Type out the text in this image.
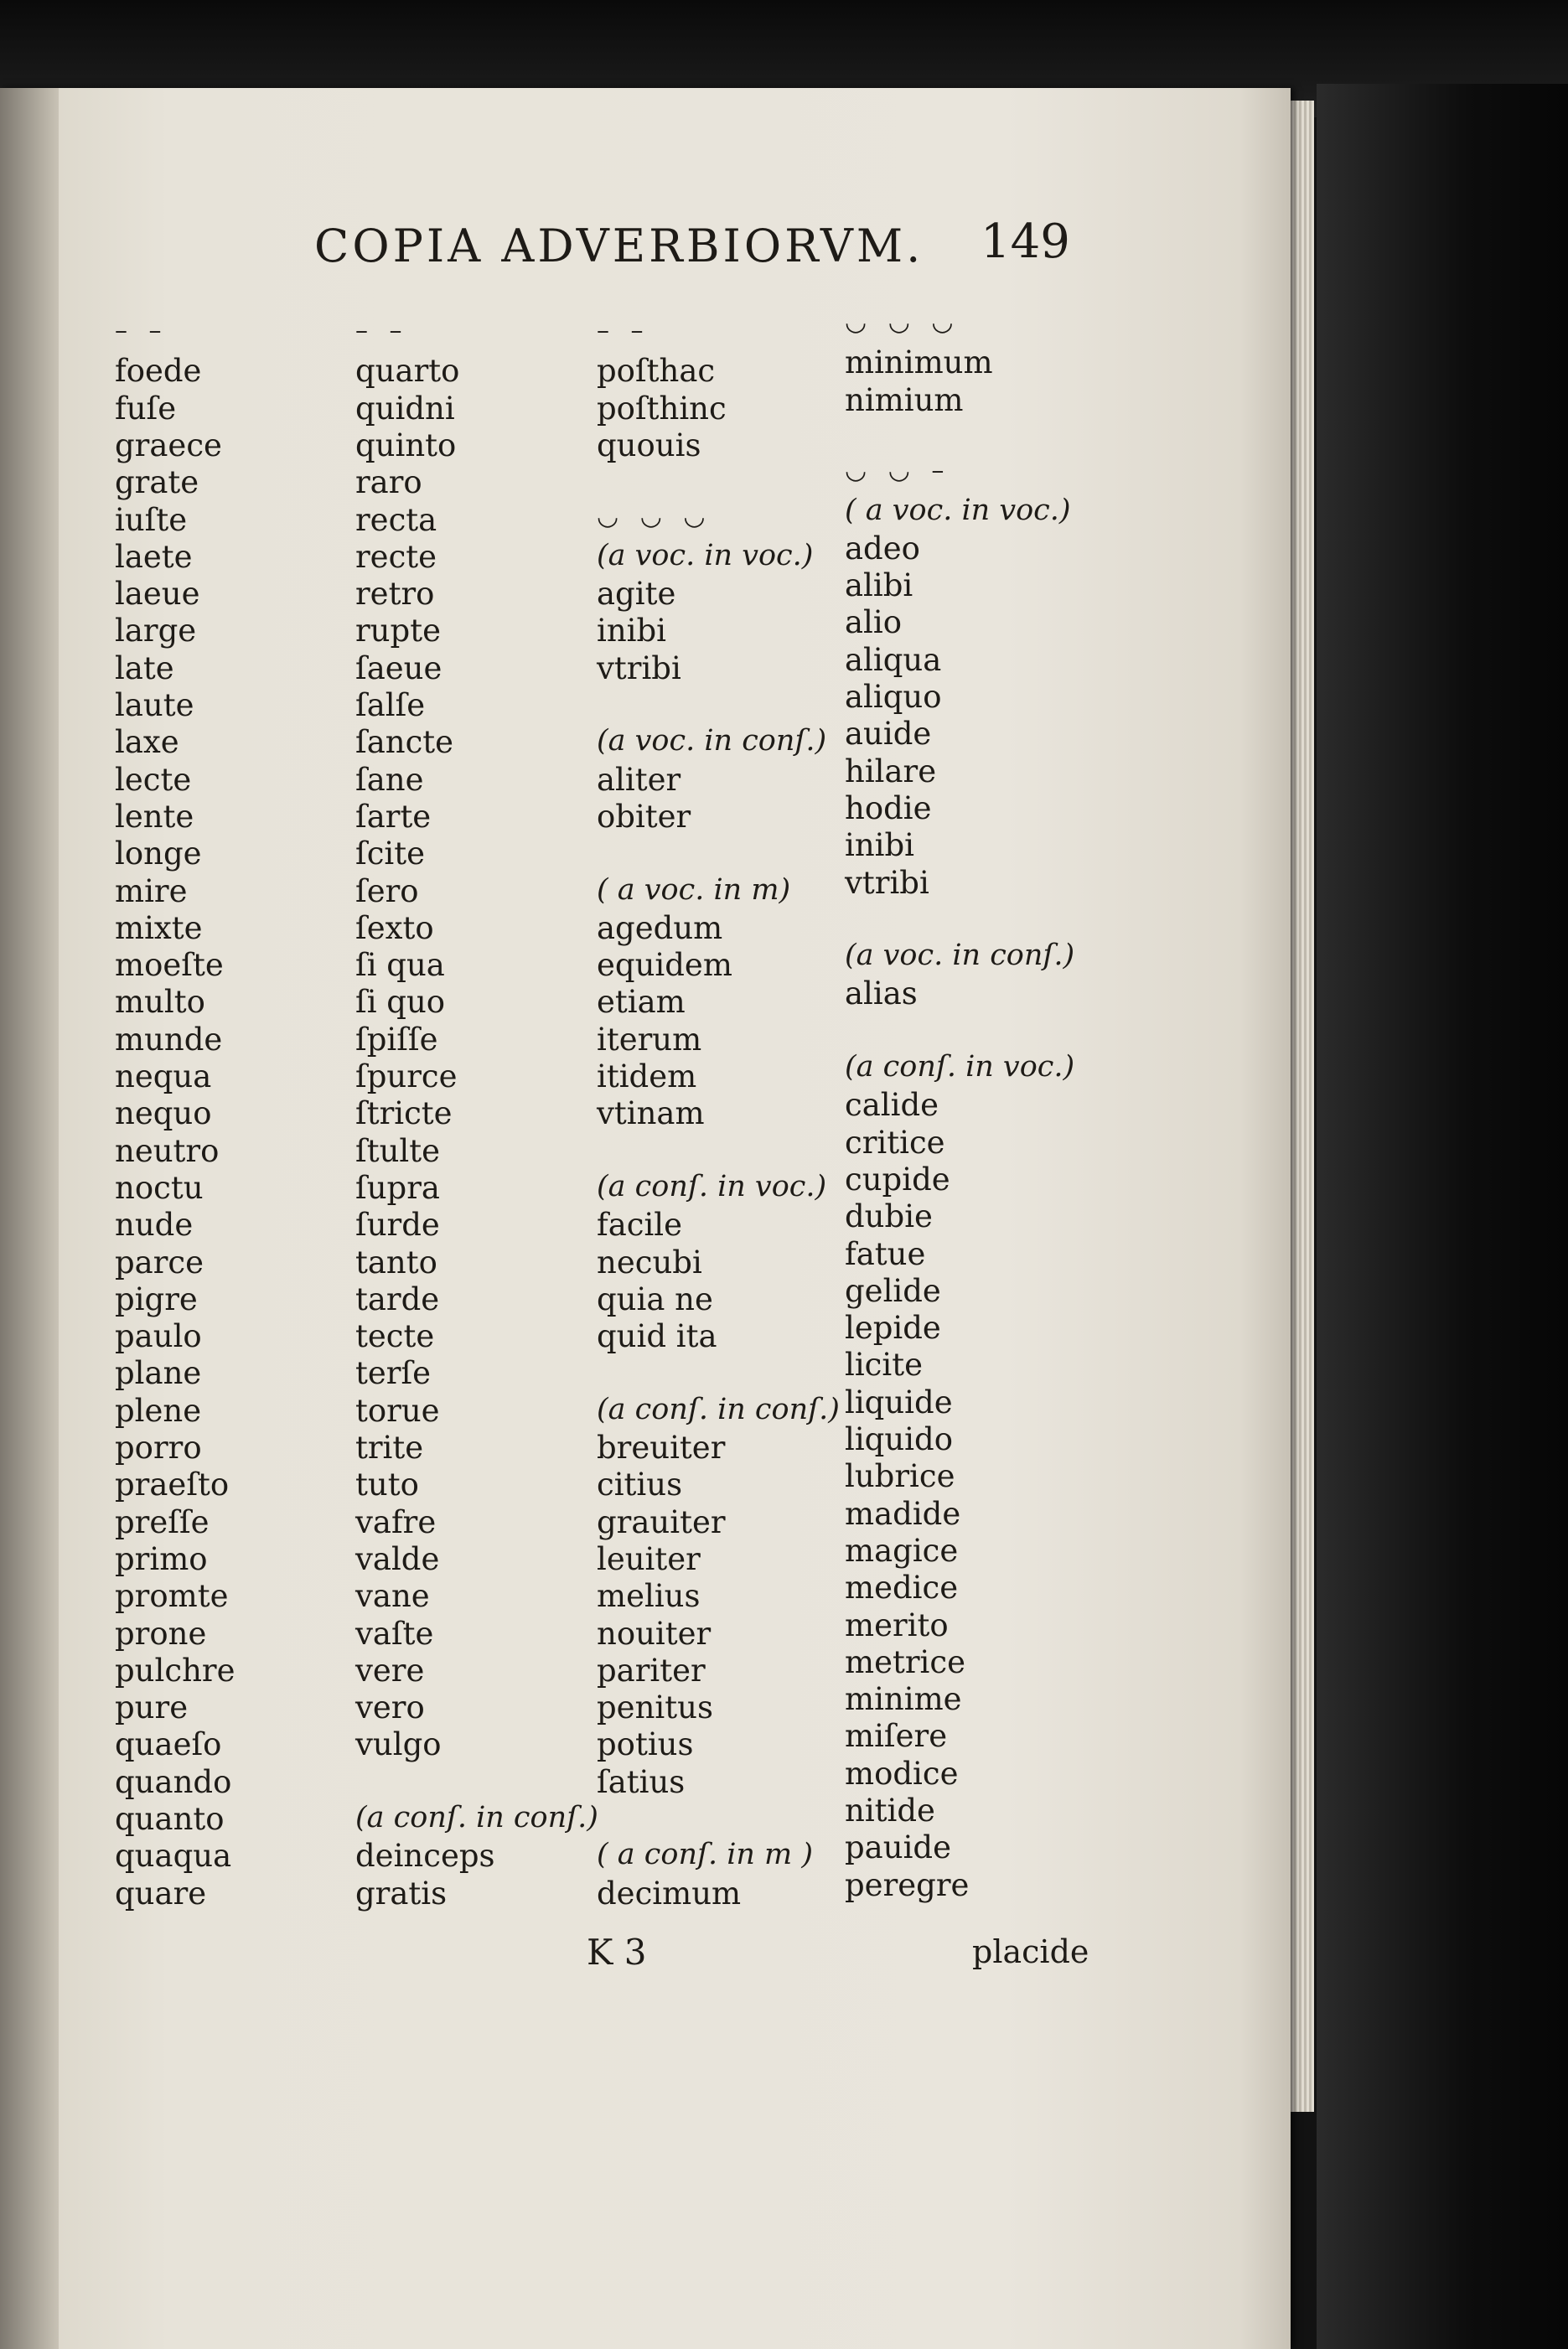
COPIA ADVERBIORVM. 149
– –
foede
fuſe
graece
grate
iuſte
laete
laeue
large
late
laute
laxe
lecte
lente
longe
mire
mixte
moeſte
multo
munde
nequa
nequo
neutro
noctu
nude
parce
pigre
paulo
plane
plene
porro
praeſto
preſſe
primo
promte
prone
pulchre
pure
quaeſo
quando
quanto
quaqua
quare
– –
quarto
quidni
quinto
raro
recta
recte
retro
rupte
ſaeue
ſalſe
ſancte
ſane
ſarte
ſcite
ſero
ſexto
ſi qua
ſi quo
ſpiſſe
ſpurce
ſtricte
ſtulte
ſupra
ſurde
tanto
tarde
tecte
terſe
torue
trite
tuto
vafre
valde
vane
vaſte
vere
vero
vulgo
(a conſ. in conſ.)
deinceps
gratis
– –
poſthac
poſthinc
quouis
◡ ◡ ◡
(a voc. in voc.)
agite
inibi
vtribi
(a voc. in conſ.)
aliter
obiter
( a voc. in m)
agedum
equidem
etiam
iterum
itidem
vtinam
(a conſ. in voc.)
facile
necubi
quia ne
quid ita
(a conſ. in conſ.)
breuiter
citius
grauiter
leuiter
melius
nouiter
pariter
penitus
potius
ſatius
( a conſ. in m )
decimum
◡ ◡ ◡
minimum
nimium
◡ ◡ –
( a voc. in voc.)
adeo
alibi
alio
aliqua
aliquo
auide
hilare
hodie
inibi
vtribi
(a voc. in conſ.)
alias
(a conſ. in voc.)
calide
critice
cupide
dubie
fatue
gelide
lepide
licite
liquide
liquido
lubrice
madide
magice
medice
merito
metrice
minime
miſere
modice
nitide
pauide
peregre
K 3	placide
